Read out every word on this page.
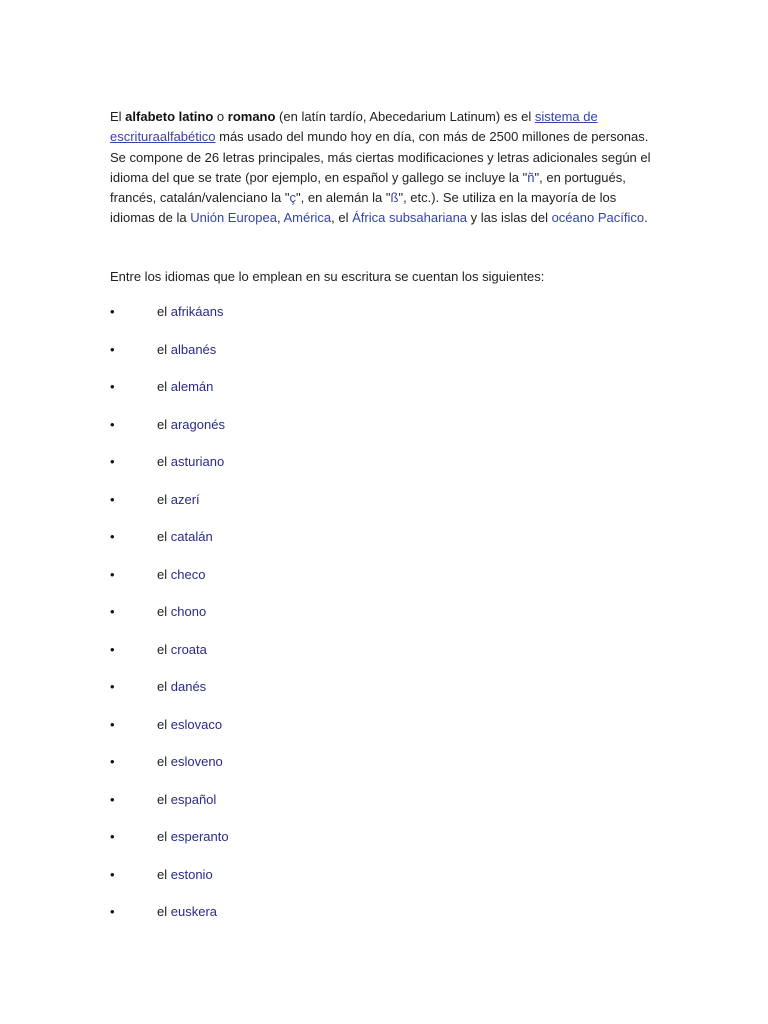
El alfabeto latino o romano (en latín tardío, Abecedarium Latinum) es el sistema de
escrituraalfabético más usado del mundo hoy en día, con más de 2500 millones de personas. Se compone de 26 letras principales, más ciertas modificaciones y letras adicionales según el idioma del que se trate (por ejemplo, en español y gallego se incluye la "ñ", en portugués, francés, catalán/valenciano la "ç", en alemán la "ß", etc.). Se utiliza en la mayoría de los idiomas de la Unión Europea, América, el África subsahariana y las islas del océano Pacífico.

Entre los idiomas que lo emplean en su escritura se cuentan los siguientes:

•	el afrikáans
•	el albanés
•	el alemán
•	el aragonés
•	el asturiano
•	el azerí
•	el catalán
•	el checo
•	el chono
•	el croata
•	el danés
•	el eslovaco
•	el esloveno
•	el español
•	el esperanto
•	el estonio
•	el euskera
